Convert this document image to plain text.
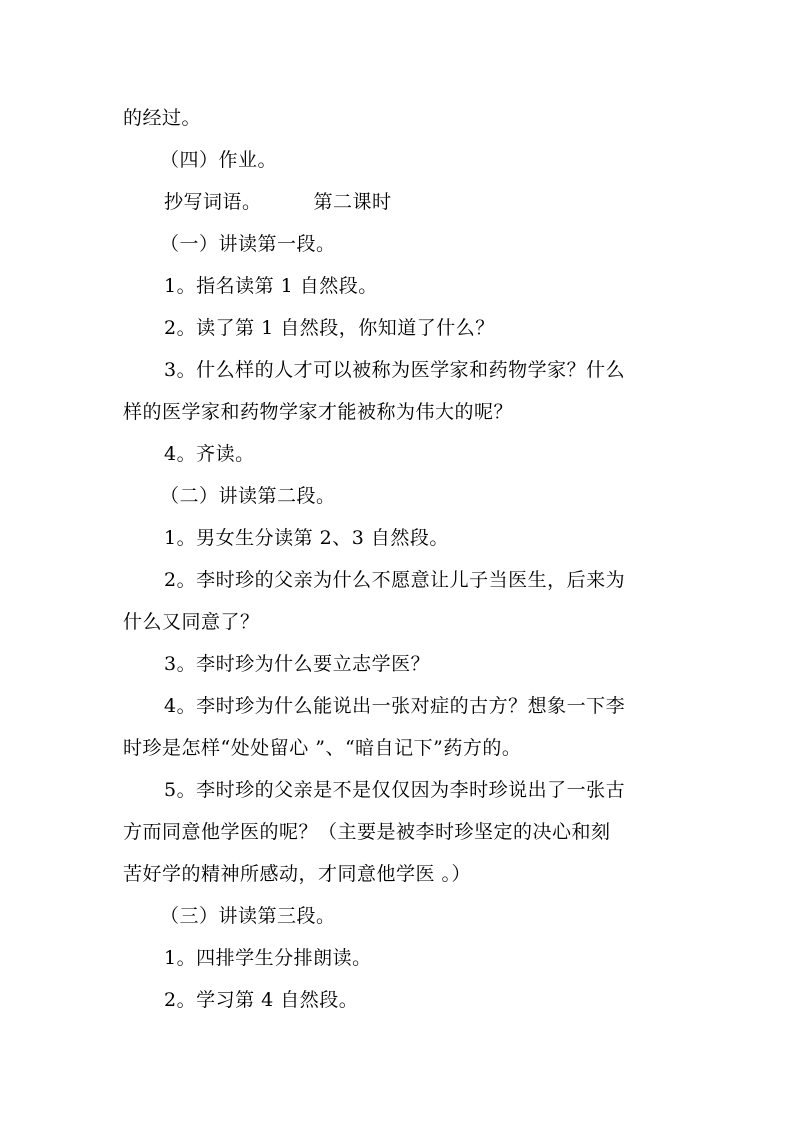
的经过。
（四）作业。
抄写词语。	第二课时
（一）讲读第一段。
1。指名读第 1 自然段。
2。读了第 1 自然段，你知道了什么？
3。什么样的人才可以被称为医学家和药物学家？什么
样的医学家和药物学家才能被称为伟大的呢？
4。齐读。
（二）讲读第二段。
1。男女生分读第 2、3 自然段。
2。李时珍的父亲为什么不愿意让儿子当医生，后来为
什么又同意了？
3。李时珍为什么要立志学医？
4。李时珍为什么能说出一张对症的古方？想象一下李
时珍是怎样“处处留心 ”、“暗自记下”药方的。
5。李时珍的父亲是不是仅仅因为李时珍说出了一张古
方而同意他学医的呢？（主要是被李时珍坚定的决心和刻
苦好学的精神所感动，才同意他学医 。）
（三）讲读第三段。
1。四排学生分排朗读。
2。学习第 4 自然段。
